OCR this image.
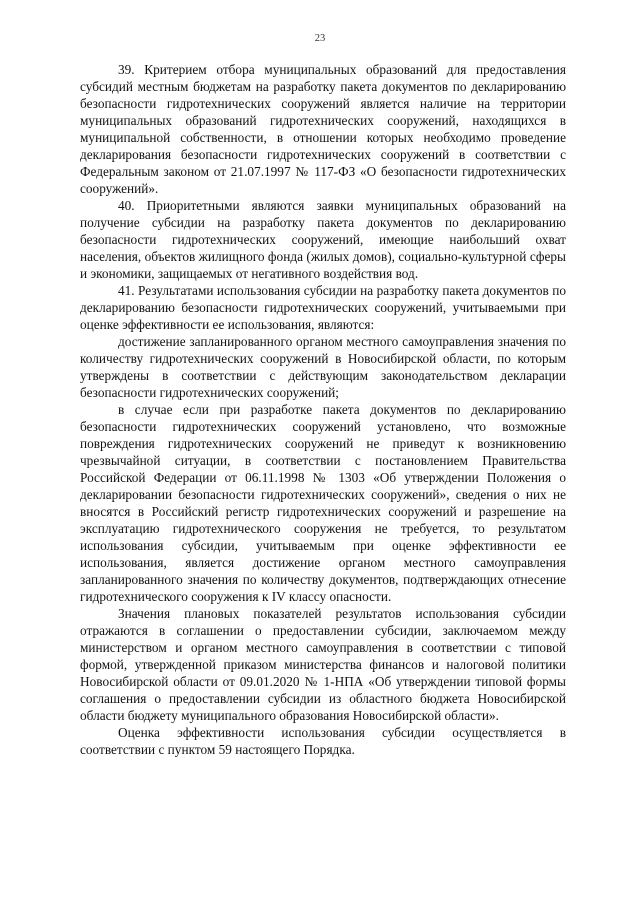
23

39. Критерием отбора муниципальных образований для предоставления субсидий местным бюджетам на разработку пакета документов по декларированию безопасности гидротехнических сооружений является наличие на территории муниципальных образований гидротехнических сооружений, находящихся в муниципальной собственности, в отношении которых необходимо проведение декларирования безопасности гидротехнических сооружений в соответствии с Федеральным законом от 21.07.1997 № 117-ФЗ «О безопасности гидротехнических сооружений».

40. Приоритетными являются заявки муниципальных образований на получение субсидии на разработку пакета документов по декларированию безопасности гидротехнических сооружений, имеющие наибольший охват населения, объектов жилищного фонда (жилых домов), социально-культурной сферы и экономики, защищаемых от негативного воздействия вод.

41. Результатами использования субсидии на разработку пакета документов по декларированию безопасности гидротехнических сооружений, учитываемыми при оценке эффективности ее использования, являются:

достижение запланированного органом местного самоуправления значения по количеству гидротехнических сооружений в Новосибирской области, по которым утверждены в соответствии с действующим законодательством декларации безопасности гидротехнических сооружений;

в случае если при разработке пакета документов по декларированию безопасности гидротехнических сооружений установлено, что возможные повреждения гидротехнических сооружений не приведут к возникновению чрезвычайной ситуации, в соответствии с постановлением Правительства Российской Федерации от 06.11.1998 № 1303 «Об утверждении Положения о декларировании безопасности гидротехнических сооружений», сведения о них не вносятся в Российский регистр гидротехнических сооружений и разрешение на эксплуатацию гидротехнического сооружения не требуется, то результатом использования субсидии, учитываемым при оценке эффективности ее использования, является достижение органом местного самоуправления запланированного значения по количеству документов, подтверждающих отнесение гидротехнического сооружения к IV классу опасности.

Значения плановых показателей результатов использования субсидии отражаются в соглашении о предоставлении субсидии, заключаемом между министерством и органом местного самоуправления в соответствии с типовой формой, утвержденной приказом министерства финансов и налоговой политики Новосибирской области от 09.01.2020 № 1-НПА «Об утверждении типовой формы соглашения о предоставлении субсидии из областного бюджета Новосибирской области бюджету муниципального образования Новосибирской области».

Оценка эффективности использования субсидии осуществляется в соответствии с пунктом 59 настоящего Порядка.
